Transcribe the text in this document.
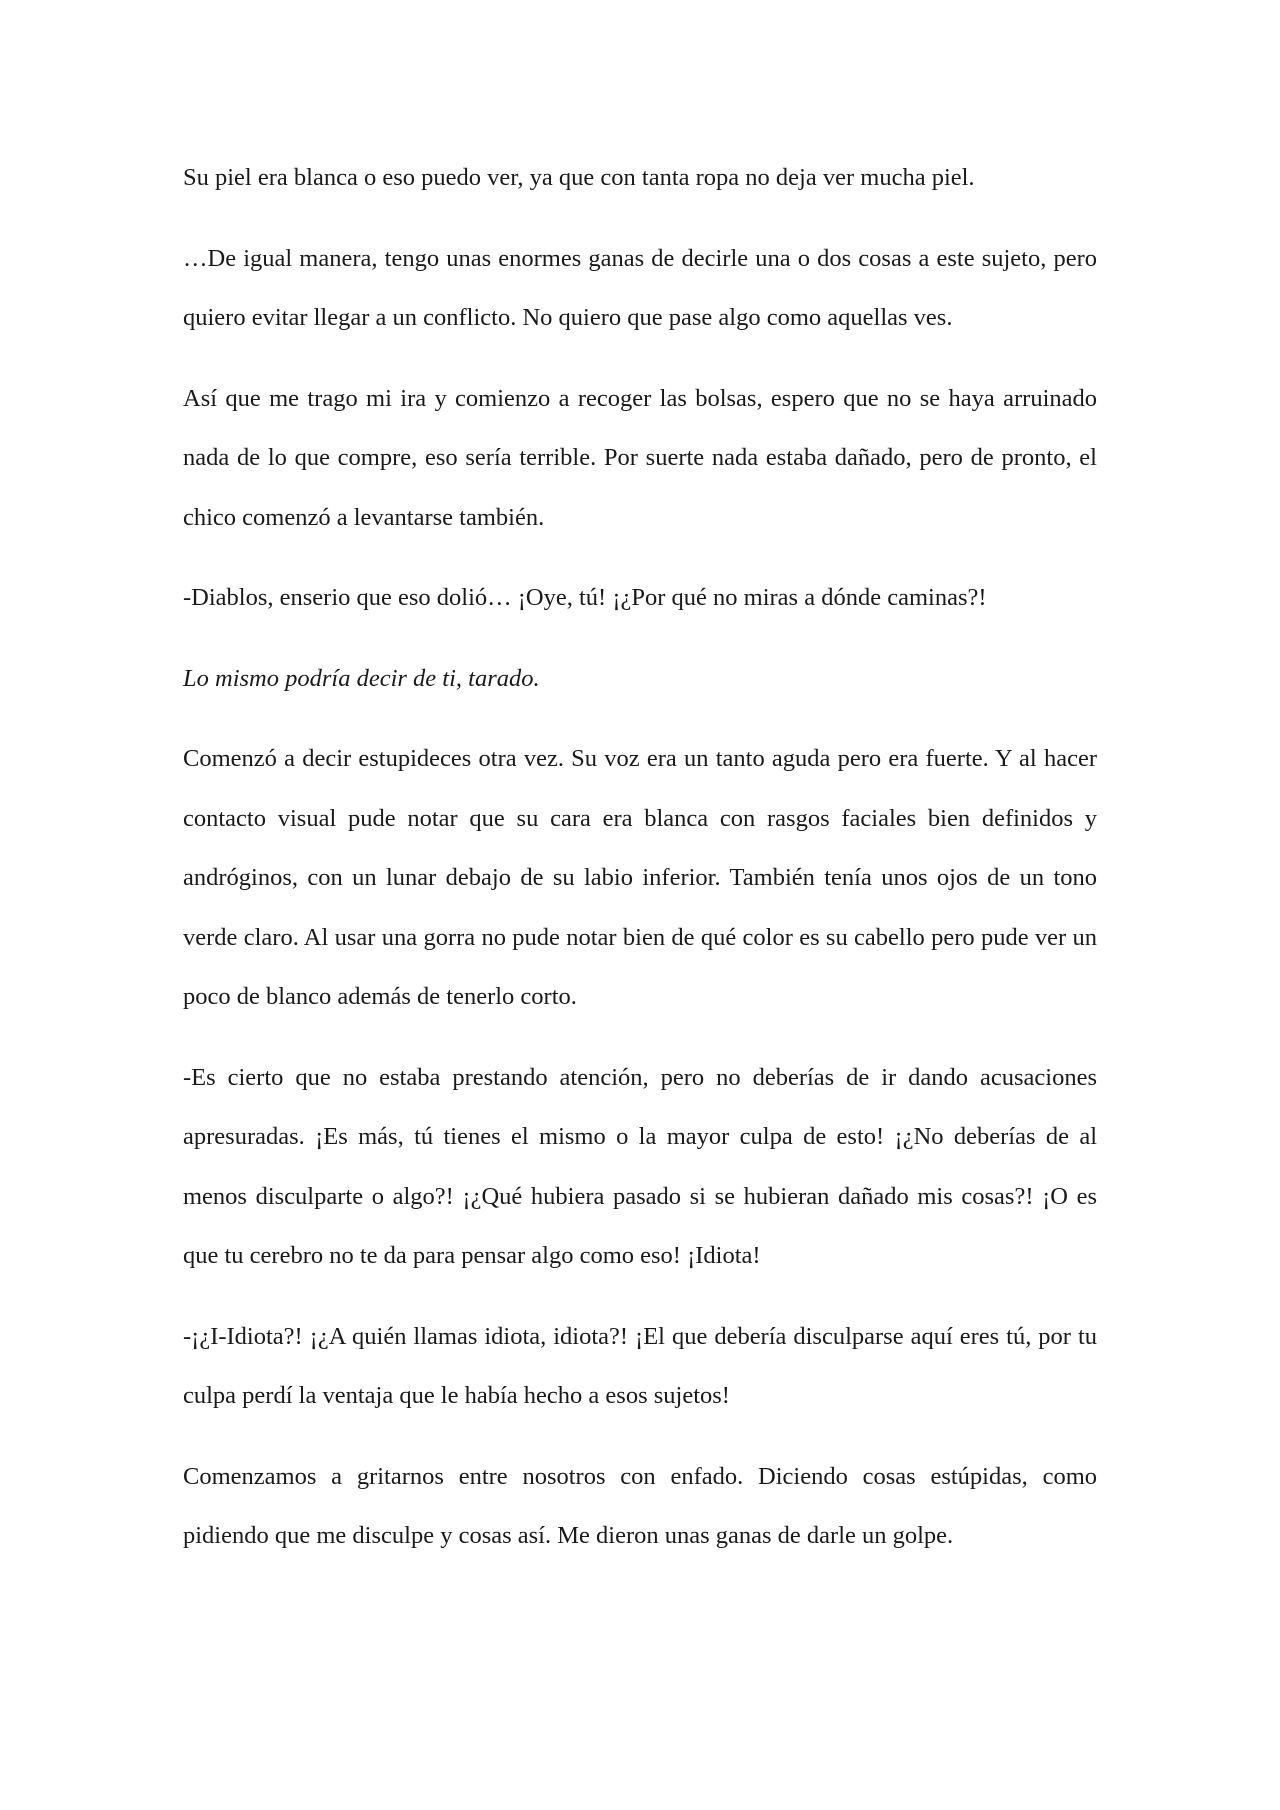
Su piel era blanca o eso puedo ver, ya que con tanta ropa no deja ver mucha piel.

…De igual manera, tengo unas enormes ganas de decirle una o dos cosas a este sujeto, pero quiero evitar llegar a un conflicto. No quiero que pase algo como aquellas ves.

Así que me trago mi ira y comienzo a recoger las bolsas, espero que no se haya arruinado nada de lo que compre, eso sería terrible. Por suerte nada estaba dañado, pero de pronto, el chico comenzó a levantarse también.

-Diablos, enserio que eso dolió… ¡Oye, tú! ¡¿Por qué no miras a dónde caminas?!

Lo mismo podría decir de ti, tarado.

Comenzó a decir estupideces otra vez. Su voz era un tanto aguda pero era fuerte. Y al hacer contacto visual pude notar que su cara era blanca con rasgos faciales bien definidos y andróginos, con un lunar debajo de su labio inferior. También tenía unos ojos de un tono verde claro. Al usar una gorra no pude notar bien de qué color es su cabello pero pude ver un poco de blanco además de tenerlo corto.

-Es cierto que no estaba prestando atención, pero no deberías de ir dando acusaciones apresuradas. ¡Es más, tú tienes el mismo o la mayor culpa de esto! ¡¿No deberías de al menos disculparte o algo?! ¡¿Qué hubiera pasado si se hubieran dañado mis cosas?! ¡O es que tu cerebro no te da para pensar algo como eso! ¡Idiota!

-¡¿I-Idiota?! ¡¿A quién llamas idiota, idiota?! ¡El que debería disculparse aquí eres tú, por tu culpa perdí la ventaja que le había hecho a esos sujetos!

Comenzamos a gritarnos entre nosotros con enfado. Diciendo cosas estúpidas, como pidiendo que me disculpe y cosas así. Me dieron unas ganas de darle un golpe.
